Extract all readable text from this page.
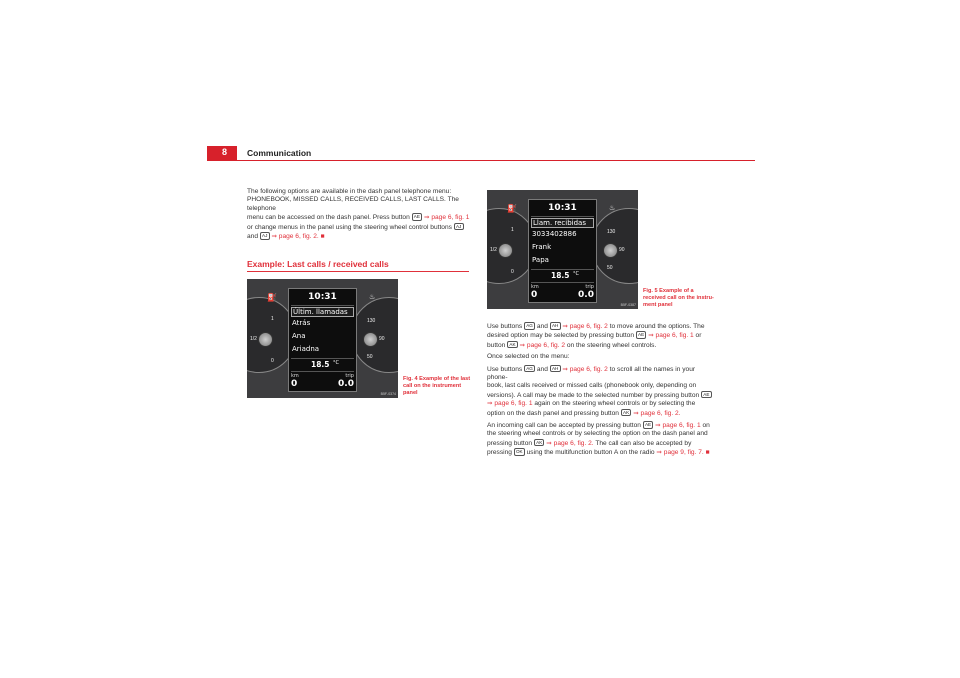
8 Communication
The following options are available in the dash panel telephone menu:
PHONEBOOK, MISSED CALLS, RECEIVED CALLS, LAST CALLS. The telephone
menu can be accessed on the dash panel. Press button AE ⇒ page 6, fig. 1
or change menus in the panel using the steering wheel control buttons AJ
and AJ ⇒ page 6, fig. 2. ■
Example: Last calls / received calls
⛽
1
1/2
0
♨
130
90
50
10:31
Últim. llamadas
Atrás
Ana
Ariadna
18.5 °C
km	trip
0	0.0
B5F-0374
Fig. 4 Example of the last call on the instrument panel
⛽
1
1/2
0
♨
130
90
50
10:31
Llam. recibidas
3033402886
Frank
Papa
18.5 °C
km	trip
0	0.0
B5F-0387
Fig. 5 Example of a received call on the instru-ment panel
Use buttons AG and AH ⇒ page 6, fig. 2 to move around the options. The
desired option may be selected by pressing button AE ⇒ page 6, fig. 1 or
button AK ⇒ page 6, fig. 2 on the steering wheel controls.
Once selected on the menu:
Use buttons AG and AH ⇒ page 6, fig. 2 to scroll all the names in your phone-
book, last calls received or missed calls (phonebook only, depending on
versions). A call may be made to the selected number by pressing button AE
⇒ page 6, fig. 1 again on the steering wheel controls or by selecting the
option on the dash panel and pressing button AK ⇒ page 6, fig. 2.
An incoming call can be accepted by pressing button AE ⇒ page 6, fig. 1 on
the steering wheel controls or by selecting the option on the dash panel and
pressing button AK ⇒ page 6, fig. 2. The call can also be accepted by
pressing OK using the multifunction button A on the radio ⇒ page 9, fig. 7. ■
